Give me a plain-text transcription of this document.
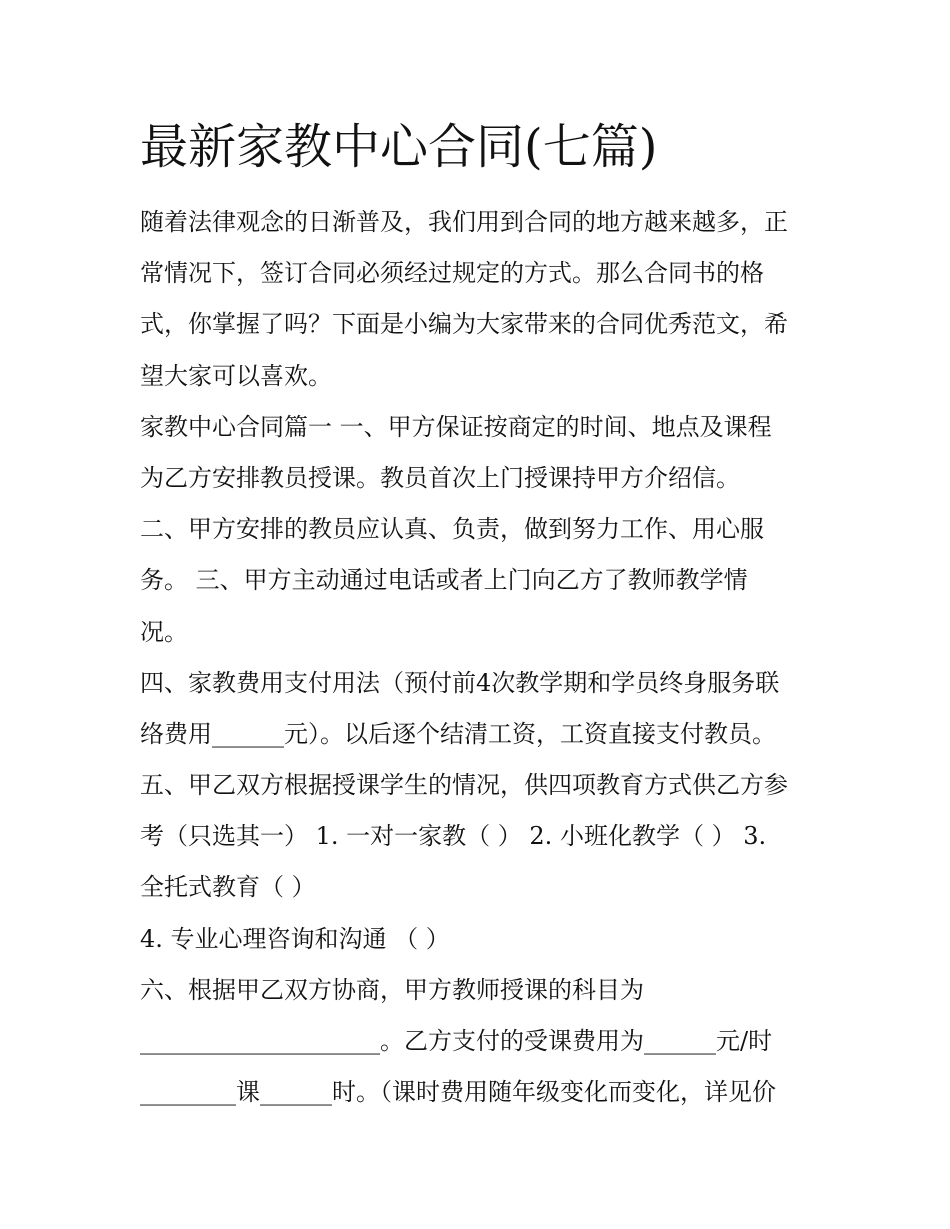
最新家教中心合同(七篇)
随着法律观念的日渐普及，我们用到合同的地方越来越多，正
常情况下，签订合同必须经过规定的方式。那么合同书的格
式，你掌握了吗？下面是小编为大家带来的合同优秀范文，希
望大家可以喜欢。
家教中心合同篇一 一、甲方保证按商定的时间、地点及课程
为乙方安排教员授课。教员首次上门授课持甲方介绍信。
二、甲方安排的教员应认真、负责，做到努力工作、用心服
务。 三、甲方主动通过电话或者上门向乙方了教师教学情
况。
四、家教费用支付用法（预付前4次教学期和学员终身服务联
络费用______元）。以后逐个结清工资，工资直接支付教员。
五、甲乙双方根据授课学生的情况，供四项教育方式供乙方参
考（只选其一） 1. 一对一家教（ ） 2. 小班化教学（ ） 3.
全托式教育（ ）
4. 专业心理咨询和沟通 （ ）
六、根据甲乙双方协商，甲方教师授课的科目为
____________________。乙方支付的受课费用为______元/时
________课______时。（课时费用随年级变化而变化，详见价
